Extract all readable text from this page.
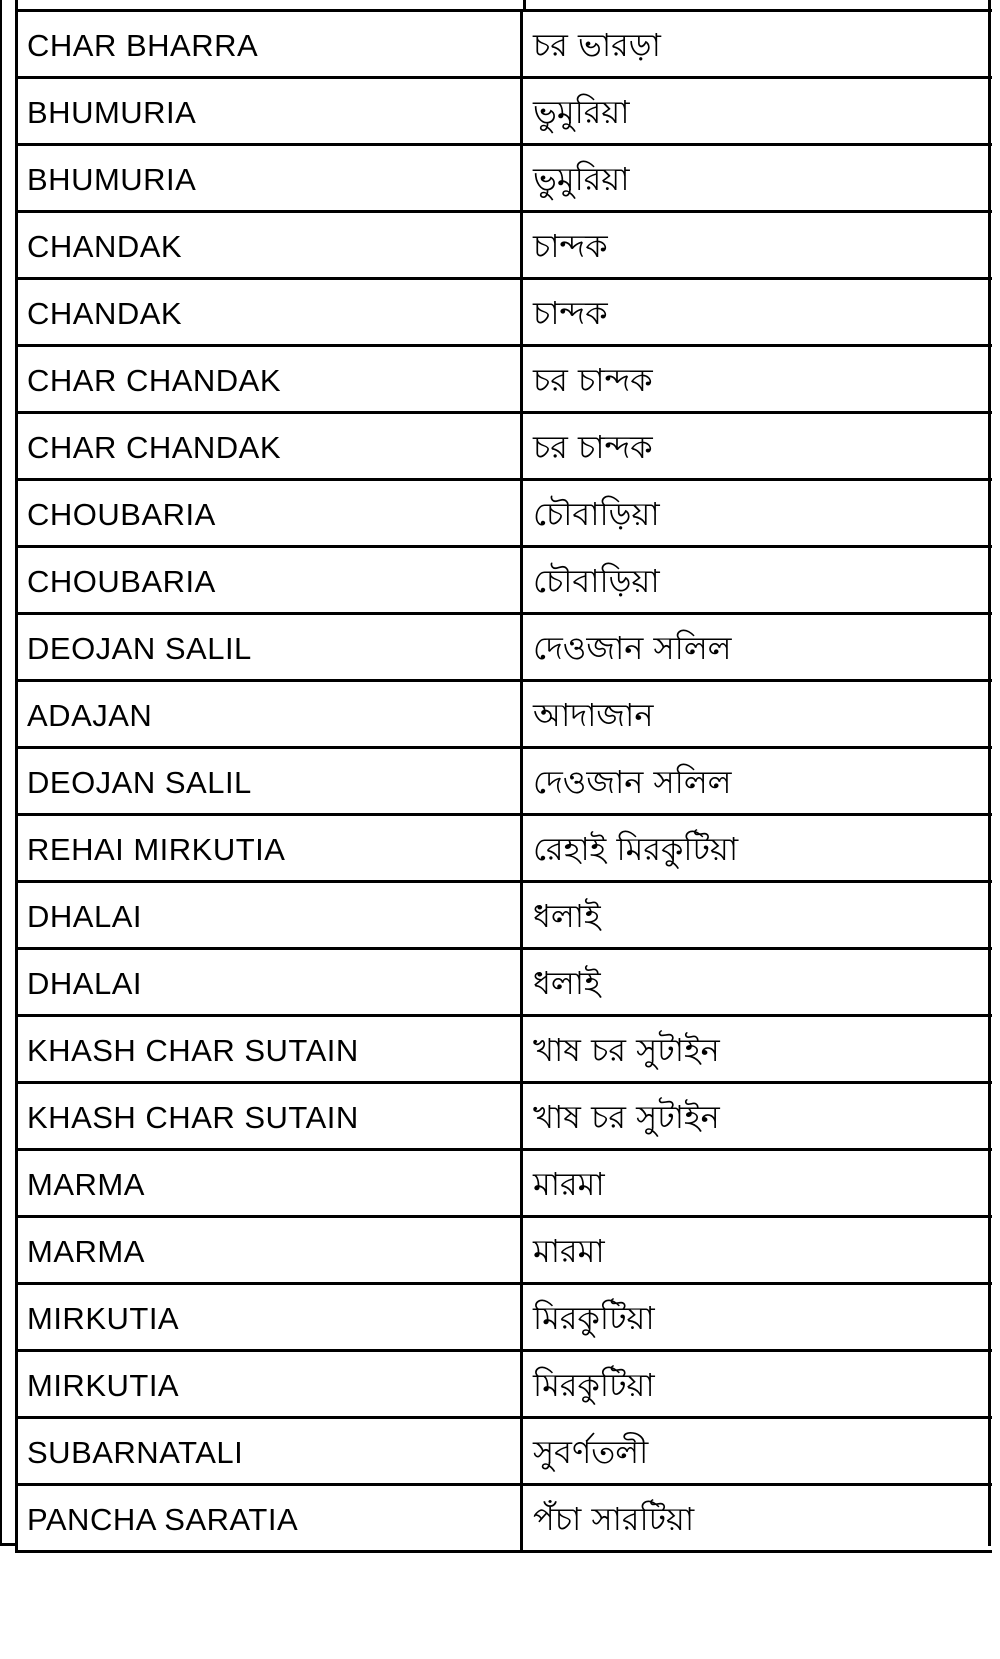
CHAR BHARRA	চর ভারড়া
BHUMURIA	ভুমুরিয়া
BHUMURIA	ভুমুরিয়া
CHANDAK	চান্দক
CHANDAK	চান্দক
CHAR CHANDAK	চর চান্দক
CHAR CHANDAK	চর চান্দক
CHOUBARIA	চৌবাড়িয়া
CHOUBARIA	চৌবাড়িয়া
DEOJAN SALIL	দেওজান সলিল
ADAJAN	আদাজান
DEOJAN SALIL	দেওজান সলিল
REHAI MIRKUTIA	রেহাই মিরকুটিয়া
DHALAI	ধলাই
DHALAI	ধলাই
KHASH CHAR SUTAIN	খাষ চর সুটাইন
KHASH CHAR SUTAIN	খাষ চর সুটাইন
MARMA	মারমা
MARMA	মারমা
MIRKUTIA	মিরকুটিয়া
MIRKUTIA	মিরকুটিয়া
SUBARNATALI	সুবর্ণতলী
PANCHA SARATIA	পঁচা সারটিয়া
